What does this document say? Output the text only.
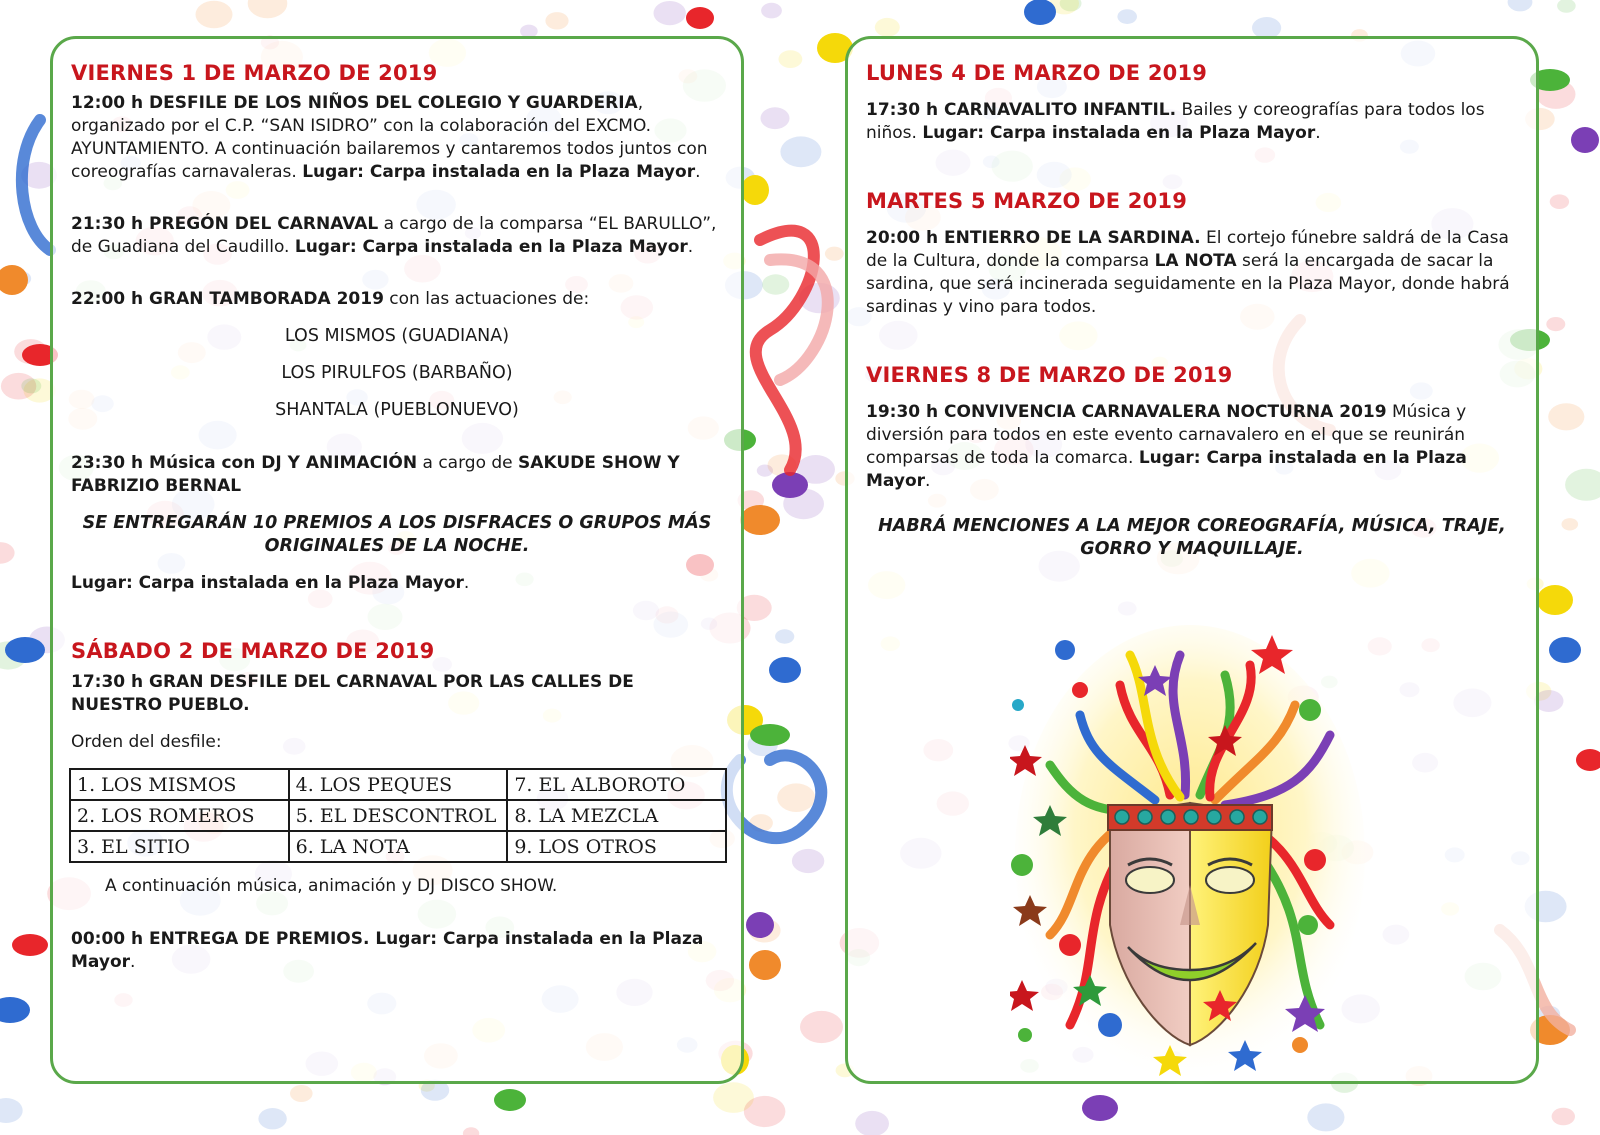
VIERNES 1 DE MARZO DE 2019

12:00 h DESFILE DE LOS NIÑOS DEL COLEGIO Y GUARDERIA, organizado por el C.P. “SAN ISIDRO” con la colaboración del EXCMO. AYUNTAMIENTO. A continuación bailaremos y cantaremos todos juntos con coreografías carnavaleras. Lugar: Carpa instalada en la Plaza Mayor.

21:30 h PREGÓN DEL CARNAVAL a cargo de la comparsa “EL BARULLO”, de Guadiana del Caudillo. Lugar: Carpa instalada en la Plaza Mayor.

22:00 h GRAN TAMBORADA 2019 con las actuaciones de:

LOS MISMOS (GUADIANA)

LOS PIRULFOS (BARBAÑO)

SHANTALA (PUEBLONUEVO)

23:30 h Música con DJ Y ANIMACIÓN a cargo de SAKUDE SHOW Y FABRIZIO BERNAL

SE ENTREGARÁN 10 PREMIOS A LOS DISFRACES O GRUPOS MÁS ORIGINALES DE LA NOCHE.

Lugar: Carpa instalada en la Plaza Mayor.

SÁBADO 2 DE MARZO DE 2019

17:30 h GRAN DESFILE DEL CARNAVAL POR LAS CALLES DE NUESTRO PUEBLO.

Orden del desfile:

1. LOS MISMOS	4. LOS PEQUES	7. EL ALBOROTO
2. LOS ROMEROS	5. EL DESCONTROL	8. LA MEZCLA
3. EL SITIO	6. LA NOTA	9. LOS OTROS

A continuación música, animación y DJ DISCO SHOW.

00:00 h ENTREGA DE PREMIOS. Lugar: Carpa instalada en la Plaza Mayor.

LUNES 4 DE MARZO DE 2019

17:30 h CARNAVALITO INFANTIL. Bailes y coreografías para todos los niños. Lugar: Carpa instalada en la Plaza Mayor.

MARTES 5 MARZO DE 2019

20:00 h ENTIERRO DE LA SARDINA. El cortejo fúnebre saldrá de la Casa de la Cultura, donde la comparsa LA NOTA será la encargada de sacar la sardina, que será incinerada seguidamente en la Plaza Mayor, donde habrá sardinas y vino para todos.

VIERNES 8 DE MARZO DE 2019

19:30 h CONVIVENCIA CARNAVALERA NOCTURNA 2019 Música y diversión para todos en este evento carnavalero en el que se reunirán comparsas de toda la comarca. Lugar: Carpa instalada en la Plaza Mayor.

HABRÁ MENCIONES A LA MEJOR COREOGRAFÍA, MÚSICA, TRAJE, GORRO Y MAQUILLAJE.
